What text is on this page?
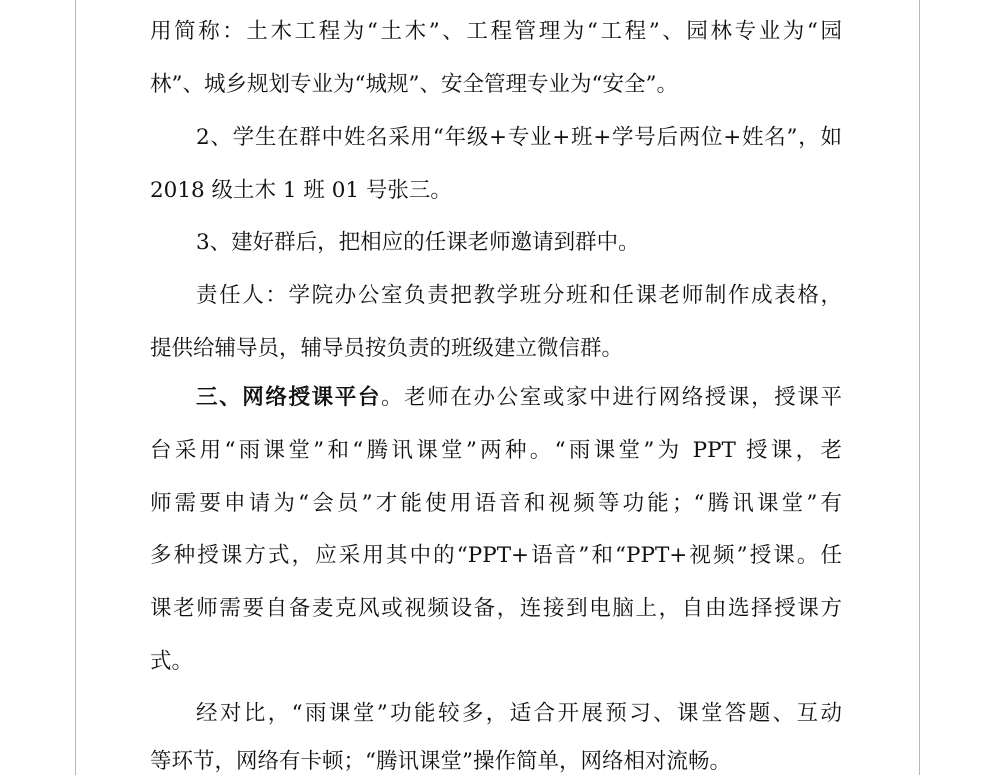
用简称：土木工程为“土木”、工程管理为“工程”、园林专业为“园
林”、城乡规划专业为“城规”、安全管理专业为“安全”。
2、学生在群中姓名采用“年级+专业+班+学号后两位+姓名”，如
2018 级土木 1 班 01 号张三。
3、建好群后，把相应的任课老师邀请到群中。
责任人：学院办公室负责把教学班分班和任课老师制作成表格，
提供给辅导员，辅导员按负责的班级建立微信群。
三、网络授课平台。老师在办公室或家中进行网络授课，授课平
台采用“雨课堂”和“腾讯课堂”两种。“雨课堂”为 PPT 授课，老
师需要申请为“会员”才能使用语音和视频等功能；“腾讯课堂”有
多种授课方式，应采用其中的“PPT+语音”和“PPT+视频”授课。任
课老师需要自备麦克风或视频设备，连接到电脑上，自由选择授课方
式。
经对比，“雨课堂”功能较多，适合开展预习、课堂答题、互动
等环节，网络有卡顿；“腾讯课堂”操作简单，网络相对流畅。
